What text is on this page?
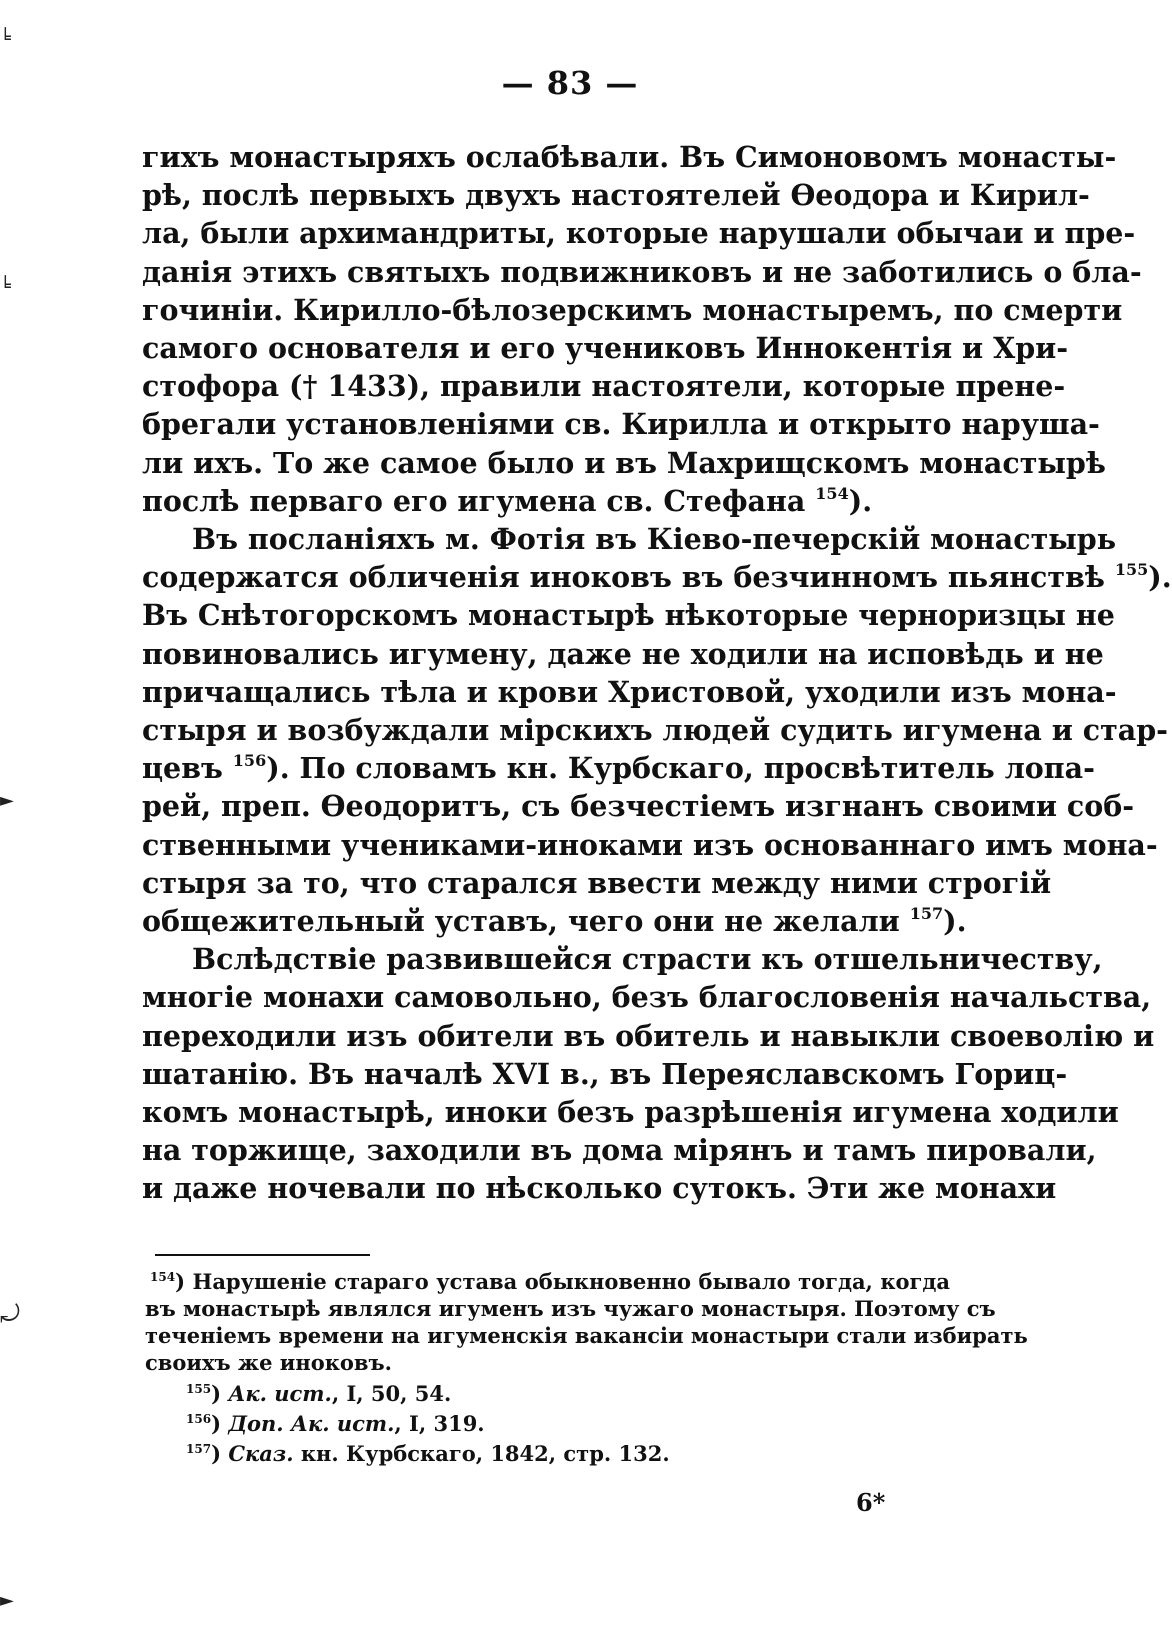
— 83 —
гихъ монастыряхъ ослабѣвали. Въ Симоновомъ монасты-
рѣ, послѣ первыхъ двухъ настоятелей Ѳеодора и Кирил-
ла, были архимандриты, которые нарушали обычаи и пре-
данія этихъ святыхъ подвижниковъ и не заботились о бла-
гочиніи. Кирилло-бѣлозерскимъ монастыремъ, по смерти
самого основателя и его учениковъ Иннокентія и Хри-
стофора († 1433), правили настоятели, которые прене-
брегали установленіями св. Кирилла и открыто наруша-
ли ихъ. То же самое было и въ Махрищскомъ монастырѣ
послѣ перваго его игумена св. Стефана $^{154}$).
Въ посланіяхъ м. Фотія въ Кіево-печерскій монастырь
содержатся обличенія иноковъ въ безчинномъ пьянствѣ $^{155}$).
Въ Снѣтогорскомъ монастырѣ нѣкоторые черноризцы не
повиновались игумену, даже не ходили на исповѣдь и не
причащались тѣла и крови Христовой, уходили изъ мона-
стыря и возбуждали мірскихъ людей судить игумена и стар-
цевъ $^{156}$). По словамъ кн. Курбскаго, просвѣтитель лопа-
рей, преп. Ѳеодоритъ, съ безчестіемъ изгнанъ своими соб-
ственными учениками-иноками изъ основаннаго имъ мона-
стыря за то, что старался ввести между ними строгій
общежительный уставъ, чего они не желали $^{157}$).
Вслѣдствіе развившейся страсти къ отшельничеству,
многіе монахи самовольно, безъ благословенія начальства,
переходили изъ обители въ обитель и навыкли своеволію и
шатанію. Въ началѣ XVI в., въ Переяславскомъ Гориц-
комъ монастырѣ, иноки безъ разрѣшенія игумена ходили
на торжище, заходили въ дома мірянъ и тамъ пировали,
и даже ночевали по нѣсколько сутокъ. Эти же монахи
$^{154}$) Нарушеніе стараго устава обыкновенно бывало тогда, когда
въ монастырѣ являлся игуменъ изъ чужаго монастыря. Поэтому съ
теченіемъ времени на игуменскія вакансіи монастыри стали избирать
своихъ же иноковъ.
$^{155}$) Ак. ист., I, 50, 54.
$^{156}$) Доп. Ак. ист., I, 319.
$^{157}$) Сказ. кн. Курбскаго, 1842, стр. 132.
6*
╘
╘
►
⤾
►
